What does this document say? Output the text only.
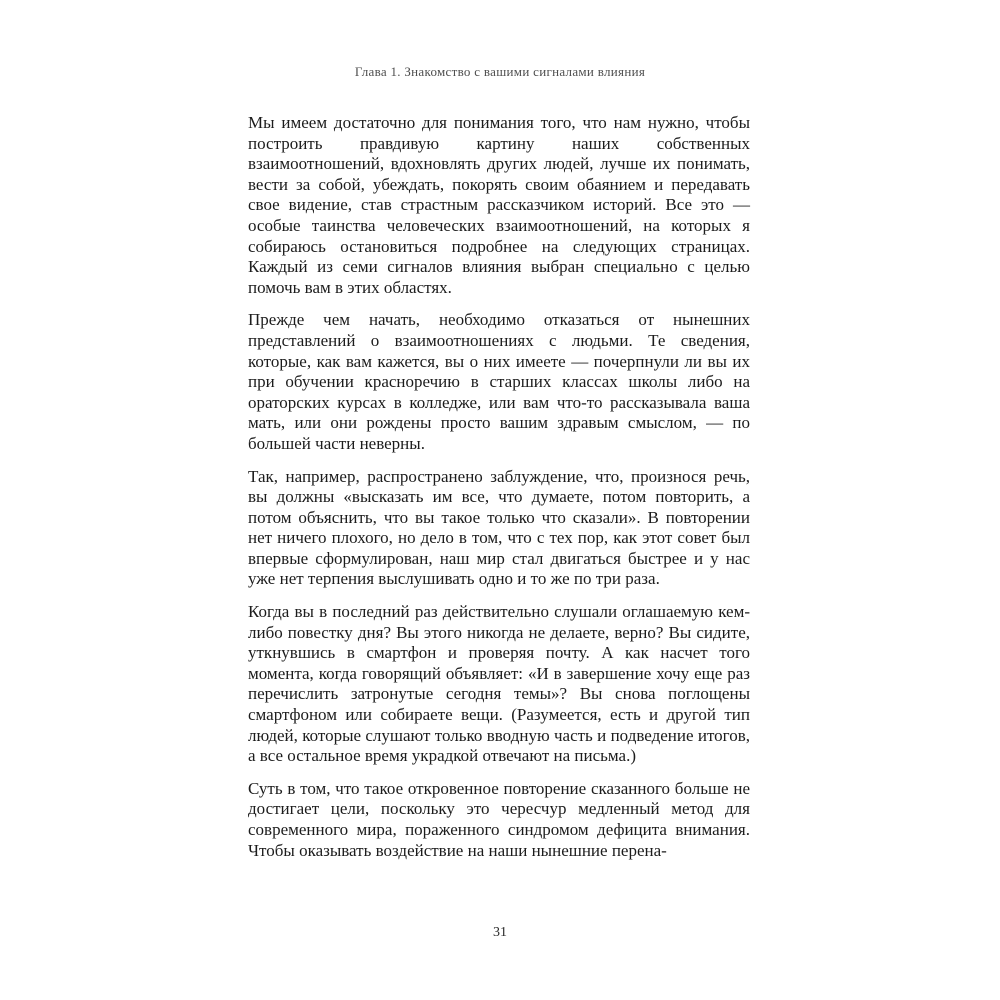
Глава 1. Знакомство с вашими сигналами влияния

Мы имеем достаточно для понимания того, что нам нужно, чтобы построить правдивую картину наших собственных взаимоотношений, вдохновлять других людей, лучше их понимать, вести за собой, убеждать, покорять своим обаянием и передавать свое видение, став страстным рассказчиком историй. Все это — особые таинства человеческих взаимоотношений, на которых я собираюсь остановиться подробнее на следующих страницах. Каждый из семи сигналов влияния выбран специально с целью помочь вам в этих областях.

Прежде чем начать, необходимо отказаться от нынешних представлений о взаимоотношениях с людьми. Те сведения, которые, как вам кажется, вы о них имеете — почерпнули ли вы их при обучении красноречию в старших классах школы либо на ораторских курсах в колледже, или вам что-то рассказывала ваша мать, или они рождены просто вашим здравым смыслом, — по большей части неверны.

Так, например, распространено заблуждение, что, произнося речь, вы должны «высказать им все, что думаете, потом повторить, а потом объяснить, что вы такое только что сказали». В повторении нет ничего плохого, но дело в том, что с тех пор, как этот совет был впервые сформулирован, наш мир стал двигаться быстрее и у нас уже нет терпения выслушивать одно и то же по три раза.

Когда вы в последний раз действительно слушали оглашаемую кем-либо повестку дня? Вы этого никогда не делаете, верно? Вы сидите, уткнувшись в смартфон и проверяя почту. А как насчет того момента, когда говорящий объявляет: «И в завершение хочу еще раз перечислить затронутые сегодня темы»? Вы снова поглощены смартфоном или собираете вещи. (Разумеется, есть и другой тип людей, которые слушают только вводную часть и подведение итогов, а все остальное время украдкой отвечают на письма.)

Суть в том, что такое откровенное повторение сказанного больше не достигает цели, поскольку это чересчур медленный метод для современного мира, пораженного синдромом дефицита внимания. Чтобы оказывать воздействие на наши нынешние перена-

31
